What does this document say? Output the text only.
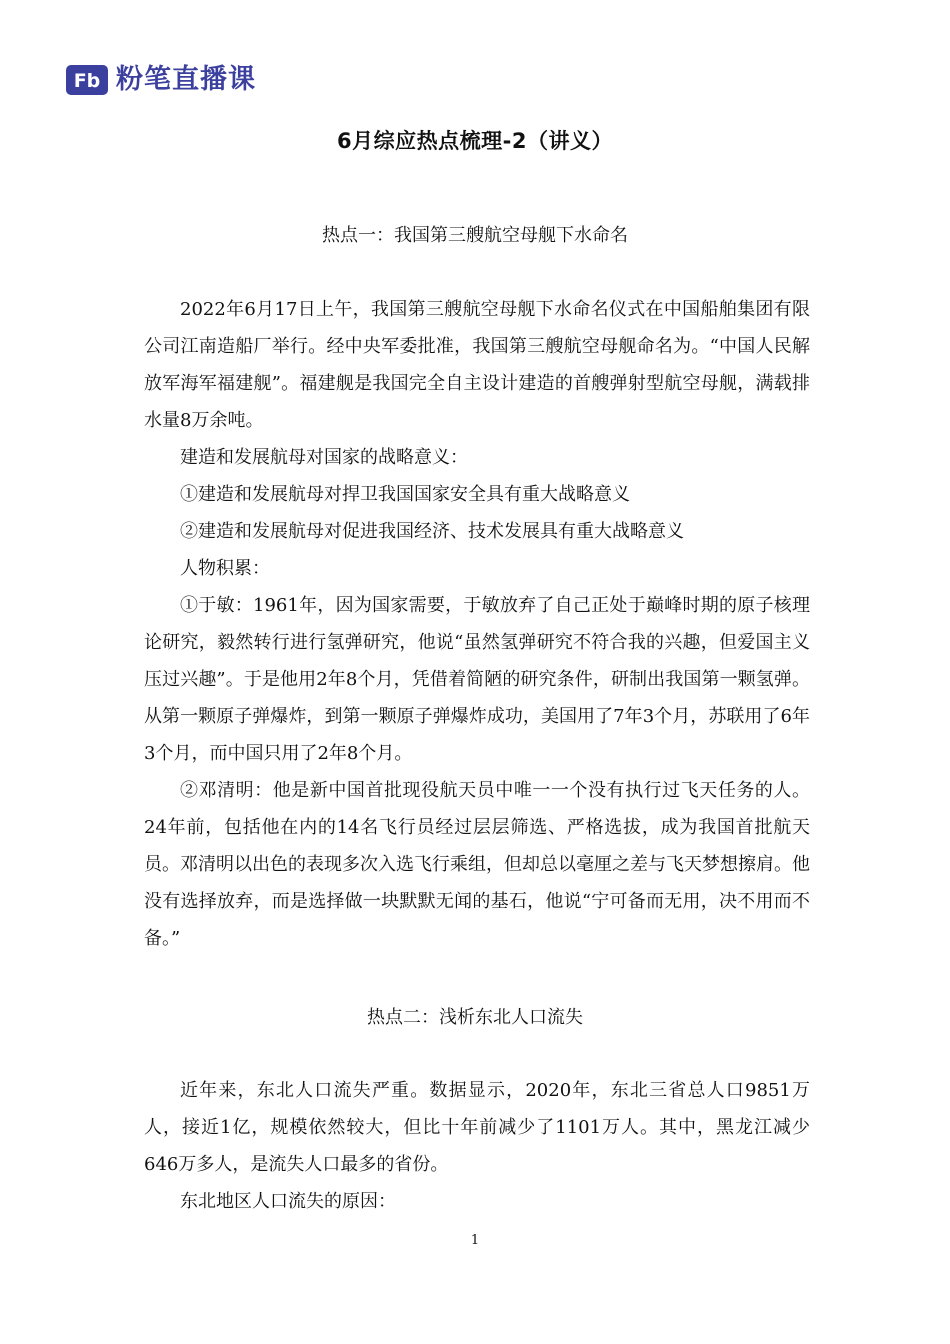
Fb 粉笔直播课
6月综应热点梳理-2（讲义）
热点一：我国第三艘航空母舰下水命名

2022年6月17日上午，我国第三艘航空母舰下水命名仪式在中国船舶集团有限公司江南造船厂举行。经中央军委批准，我国第三艘航空母舰命名为。“中国人民解放军海军福建舰”。福建舰是我国完全自主设计建造的首艘弹射型航空母舰，满载排水量8万余吨。

建造和发展航母对国家的战略意义：

①建造和发展航母对捍卫我国国家安全具有重大战略意义

②建造和发展航母对促进我国经济、技术发展具有重大战略意义

人物积累：

①于敏：1961年，因为国家需要，于敏放弃了自己正处于巅峰时期的原子核理论研究，毅然转行进行氢弹研究，他说“虽然氢弹研究不符合我的兴趣，但爱国主义压过兴趣”。于是他用2年8个月，凭借着简陋的研究条件，研制出我国第一颗氢弹。从第一颗原子弹爆炸，到第一颗原子弹爆炸成功，美国用了7年3个月，苏联用了6年3个月，而中国只用了2年8个月。

②邓清明：他是新中国首批现役航天员中唯一一个没有执行过飞天任务的人。24年前，包括他在内的14名飞行员经过层层筛选、严格选拔，成为我国首批航天员。邓清明以出色的表现多次入选飞行乘组，但却总以毫厘之差与飞天梦想擦肩。他没有选择放弃，而是选择做一块默默无闻的基石，他说“宁可备而无用，决不用而不备。”

热点二：浅析东北人口流失

近年来，东北人口流失严重。数据显示，2020年，东北三省总人口9851万人，接近1亿，规模依然较大，但比十年前减少了1101万人。其中，黑龙江减少646万多人，是流失人口最多的省份。

东北地区人口流失的原因：

1
